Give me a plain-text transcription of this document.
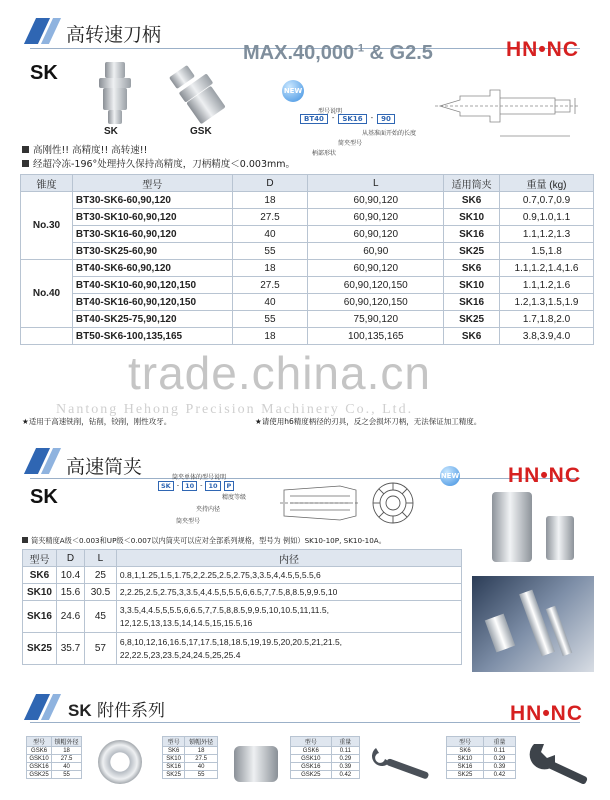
高转速刀柄
SK
$MAX.40,000^{-1}$ & G2.5	HN•NC
SK	GSK
NEW
型号说明
BT40	-	SK16	-	90
从基准面开始的长度
简夹型号
柄部形状
高刚性!! 高精度!! 高转速!!
经超冷冻-196°处理持久保持高精度，刀柄精度＜0.003mm。
锥度	型号	D	L	适用筒夹	重量 (kg)
No.30	BT30-SK6-60,90,120	18	60,90,120	SK6	0.7,0.7,0.9
	BT30-SK10-60,90,120	27.5	60,90,120	SK10	0.9,1.0,1.1
	BT30-SK16-60,90,120	40	60,90,120	SK16	1.1,1.2,1.3
	BT30-SK25-60,90	55	60,90	SK25	1.5,1.8
No.40	BT40-SK6-60,90,120	18	60,90,120	SK6	1.1,1.2,1.4,1.6
	BT40-SK10-60,90,120,150	27.5	60,90,120,150	SK10	1.1,1.2,1.6
	BT40-SK16-60,90,120,150	40	60,90,120,150	SK16	1.2,1.3,1.5,1.9
	BT40-SK25-75,90,120	55	75,90,120	SK25	1.7,1.8,2.0
	BT50-SK6-100,135,165	18	100,135,165	SK6	3.8,3.9,4.0
trade.china.cn
Nantong Hehong Precision Machinery Co., Ltd.
★适用于高速铣削，钻削，铰削，刚性攻牙。	★请使用h6精度柄径的刃具，反之会损坏刀柄，无法保证加工精度。
高速筒夹
SK
HN•NC
NEW
筒夹单体的型号说明
SK - 10 - 10	P
精度等级
夹持内径
筒夹型号
筒夹精度A级＜0.003和UP级＜0.007以内筒夹可以应对全部系列规格，型号为 例如）SK10-10P, SK10-10A。
型号	D	L	内径
SK6	10.4	25	0.8,1,1.25,1.5,1.75,2,2.25,2.5,2.75,3,3.5,4,4.5,5,5.5,6
SK10	15.6	30.5	2,2.25,2.5,2.75,3,3.5,4,4.5,5,5.5,6,6.5,7,7.5,8,8.5,9,9.5,10
SK16	24.6	45	3,3.5,4,4.5,5,5.5,6,6.5,7,7.5,8,8.5,9,9.5,10,10.5,11,11.5,
12,12.5,13,13.5,14,14.5,15,15.5,16

SK25	35.7	57	6,8,10,12,16,16.5,17,17.5,18,18.5,19,19.5,20,20.5,21,21.5,
22,22.5,23,23.5,24,24.5,25,25.4
SK 附件系列	HN•NC
型号	锁帽外径
GSK6	18
GSK10	27.5
GSK16	40
GSK25	55
型号	锁帽外径
SK6	18
SK10	27.5
SK16	40
SK25	55
型号	重量
GSK6	0.11
GSK10	0.29
GSK16	0.39
GSK25	0.42
型号	重量
SK6	0.11
SK10	0.29
SK16	0.39
SK25	0.42
